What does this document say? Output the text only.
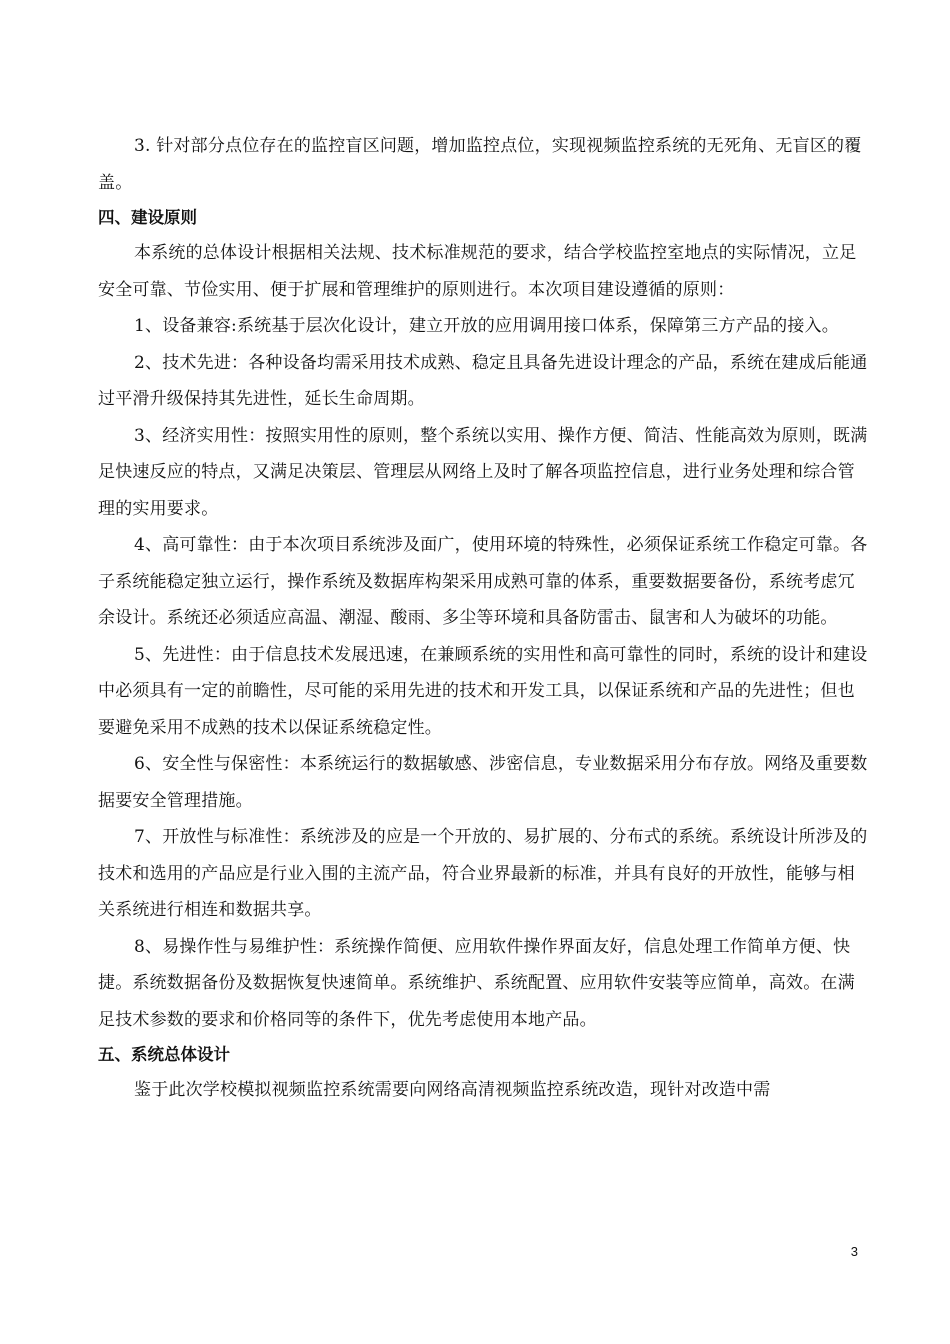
3. 针对部分点位存在的监控盲区问题，增加监控点位，实现视频监控系统的无死角、无盲区的覆盖。

四、建设原则

本系统的总体设计根据相关法规、技术标准规范的要求，结合学校监控室地点的实际情况，立足安全可靠、节俭实用、便于扩展和管理维护的原则进行。本次项目建设遵循的原则：

1、设备兼容:系统基于层次化设计，建立开放的应用调用接口体系，保障第三方产品的接入。

2、技术先进：各种设备均需采用技术成熟、稳定且具备先进设计理念的产品，系统在建成后能通过平滑升级保持其先进性，延长生命周期。

3、经济实用性：按照实用性的原则，整个系统以实用、操作方便、简洁、性能高效为原则，既满足快速反应的特点，又满足决策层、管理层从网络上及时了解各项监控信息，进行业务处理和综合管理的实用要求。

4、高可靠性：由于本次项目系统涉及面广，使用环境的特殊性，必须保证系统工作稳定可靠。各子系统能稳定独立运行，操作系统及数据库构架采用成熟可靠的体系，重要数据要备份，系统考虑冗余设计。系统还必须适应高温、潮湿、酸雨、多尘等环境和具备防雷击、鼠害和人为破坏的功能。

5、先进性：由于信息技术发展迅速，在兼顾系统的实用性和高可靠性的同时，系统的设计和建设中必须具有一定的前瞻性，尽可能的采用先进的技术和开发工具，以保证系统和产品的先进性；但也要避免采用不成熟的技术以保证系统稳定性。

6、安全性与保密性：本系统运行的数据敏感、涉密信息，专业数据采用分布存放。网络及重要数据要安全管理措施。

7、开放性与标准性：系统涉及的应是一个开放的、易扩展的、分布式的系统。系统设计所涉及的技术和选用的产品应是行业入围的主流产品，符合业界最新的标准，并具有良好的开放性，能够与相关系统进行相连和数据共享。

8、易操作性与易维护性：系统操作简便、应用软件操作界面友好，信息处理工作简单方便、快捷。系统数据备份及数据恢复快速简单。系统维护、系统配置、应用软件安装等应简单，高效。在满足技术参数的要求和价格同等的条件下，优先考虑使用本地产品。

五、系统总体设计

鉴于此次学校模拟视频监控系统需要向网络高清视频监控系统改造，现针对改造中需

3
